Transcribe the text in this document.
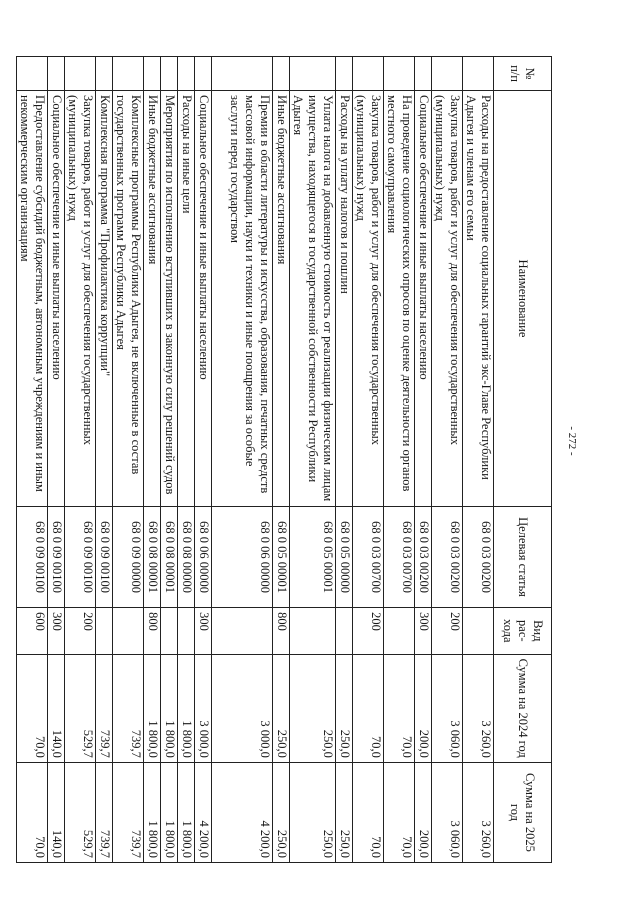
- 272 -
№ п/п	Наименование	Целевая статья	Вид рас-хода	Сумма на 2024 год	Сумма на 2025 год
	Расходы на предоставление социальных гарантий экс-Главе Республики Адыгея и членам его семьи	68 0 03 00200		3 260,0	3 260,0
	Закупка товаров, работ и услуг для обеспечения государственных (муниципальных) нужд	68 0 03 00200	200	3 060,0	3 060,0
	Социальное обеспечение и иные выплаты населению	68 0 03 00200	300	200,0	200,0
	На проведение социологических опросов по оценке деятельности органов местного самоуправления	68 0 03 00700		70,0	70,0
	Закупка товаров, работ и услуг для обеспечения государственных (муниципальных) нужд	68 0 03 00700	200	70,0	70,0
	Расходы на уплату налогов и пошлин	68 0 05 00000		250,0	250,0
	Уплата налога на добавленную стоимость от реализации физическим лицам имущества, находящегося в государственной собственности Республики Адыгея	68 0 05 00001		250,0	250,0
	Иные бюджетные ассигнования	68 0 05 00001	800	250,0	250,0
	Премии в области литературы и искусства, образования, печатных средств массовой информации, науки и техники и иные поощрения за особые заслуги перед государством	68 0 06 00000		3 000,0	4 200,0
	Социальное обеспечение и иные выплаты населению	68 0 06 00000	300	3 000,0	4 200,0
	Расходы на иные цели	68 0 08 00000		1 800,0	1 800,0
	Мероприятия по исполнению вступивших в законную силу решений судов	68 0 08 00001		1 800,0	1 800,0
	Иные бюджетные ассигнования	68 0 08 00001	800	1 800,0	1 800,0
	Комплексные программы Республики Адыгея, не включенные в состав государственных программ Республики Адыгея	68 0 09 00000		739,7	739,7
	Комплексная программа "Профилактика коррупции"	68 0 09 00100		739,7	739,7
	Закупка товаров, работ и услуг для обеспечения государственных (муниципальных) нужд	68 0 09 00100	200	529,7	529,7
	Социальное обеспечение и иные выплаты населению	68 0 09 00100	300	140,0	140,0
	Предоставление субсидий бюджетным, автономным учреждениям и иным некоммерческим организациям	68 0 09 00100	600	70,0	70,0
